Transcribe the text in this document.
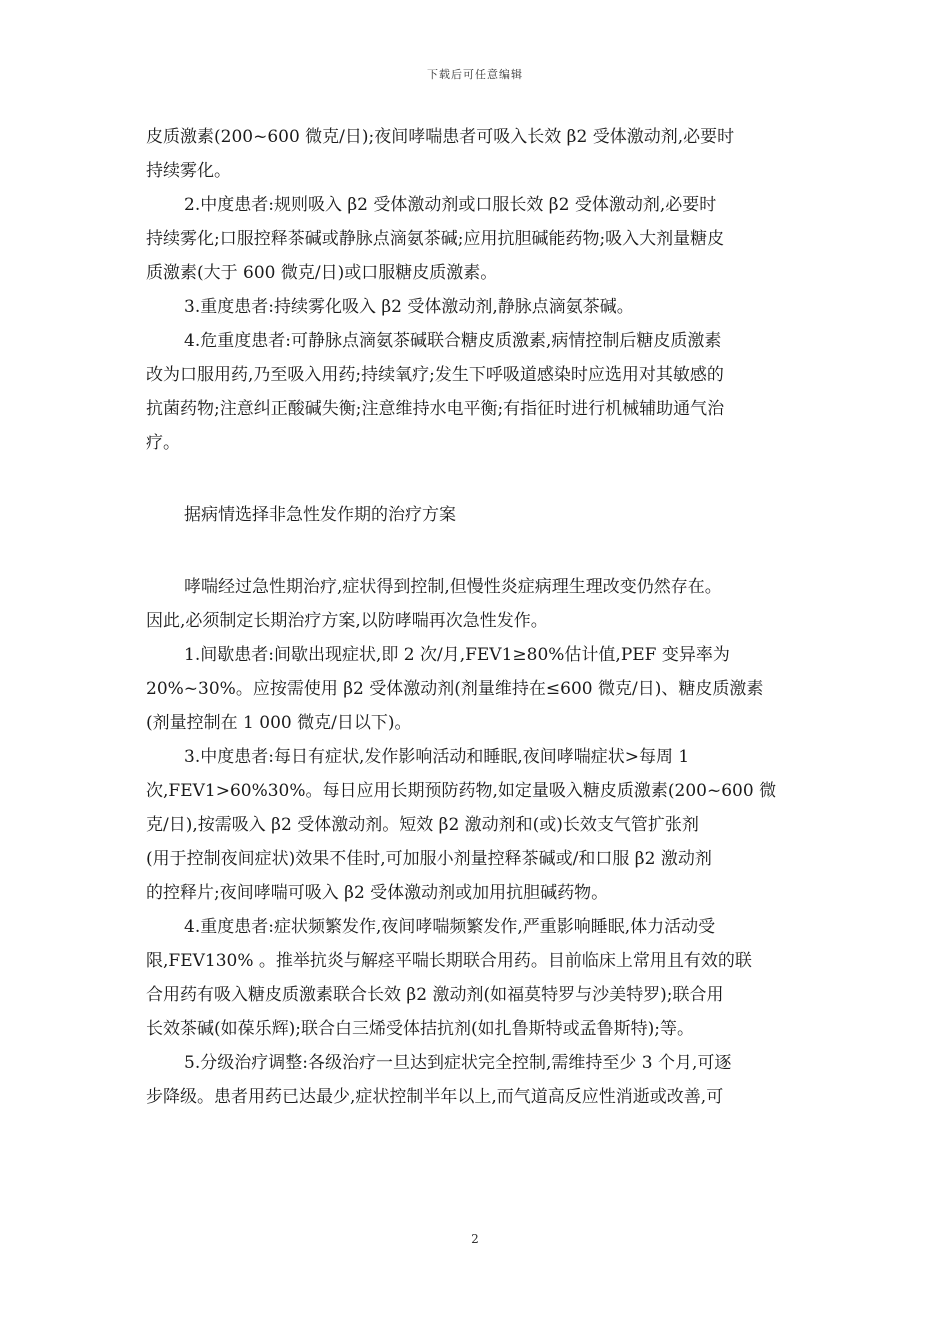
下载后可任意编辑
皮质激素(200~600 微克/日);夜间哮喘患者可吸入长效 β2 受体激动剂,必要时
持续雾化。
2.中度患者:规则吸入 β2 受体激动剂或口服长效 β2 受体激动剂,必要时
持续雾化;口服控释茶碱或静脉点滴氨茶碱;应用抗胆碱能药物;吸入大剂量糖皮
质激素(大于 600 微克/日)或口服糖皮质激素。
3.重度患者:持续雾化吸入 β2 受体激动剂,静脉点滴氨茶碱。
4.危重度患者:可静脉点滴氨茶碱联合糖皮质激素,病情控制后糖皮质激素
改为口服用药,乃至吸入用药;持续氧疗;发生下呼吸道感染时应选用对其敏感的
抗菌药物;注意纠正酸碱失衡;注意维持水电平衡;有指征时进行机械辅助通气治
疗。
据病情选择非急性发作期的治疗方案
哮喘经过急性期治疗,症状得到控制,但慢性炎症病理生理改变仍然存在。
因此,必须制定长期治疗方案,以防哮喘再次急性发作。
1.间歇患者:间歇出现症状,即 2 次/月,FEV1≥80%估计值,PEF 变异率为
20%~30%。应按需使用 β2 受体激动剂(剂量维持在≤600 微克/日)、糖皮质激素
(剂量控制在 1 000 微克/日以下)。
3.中度患者:每日有症状,发作影响活动和睡眠,夜间哮喘症状>每周 1
次,FEV1>60%30%。每日应用长期预防药物,如定量吸入糖皮质激素(200~600 微
克/日),按需吸入 β2 受体激动剂。短效 β2 激动剂和(或)长效支气管扩张剂
(用于控制夜间症状)效果不佳时,可加服小剂量控释茶碱或/和口服 β2 激动剂
的控释片;夜间哮喘可吸入 β2 受体激动剂或加用抗胆碱药物。
4.重度患者:症状频繁发作,夜间哮喘频繁发作,严重影响睡眠,体力活动受
限,FEV130% 。推举抗炎与解痉平喘长期联合用药。目前临床上常用且有效的联
合用药有吸入糖皮质激素联合长效 β2 激动剂(如福莫特罗与沙美特罗);联合用
长效茶碱(如葆乐辉);联合白三烯受体拮抗剂(如扎鲁斯特或孟鲁斯特);等。
5.分级治疗调整:各级治疗一旦达到症状完全控制,需维持至少 3 个月,可逐
步降级。患者用药已达最少,症状控制半年以上,而气道高反应性消逝或改善,可
2
